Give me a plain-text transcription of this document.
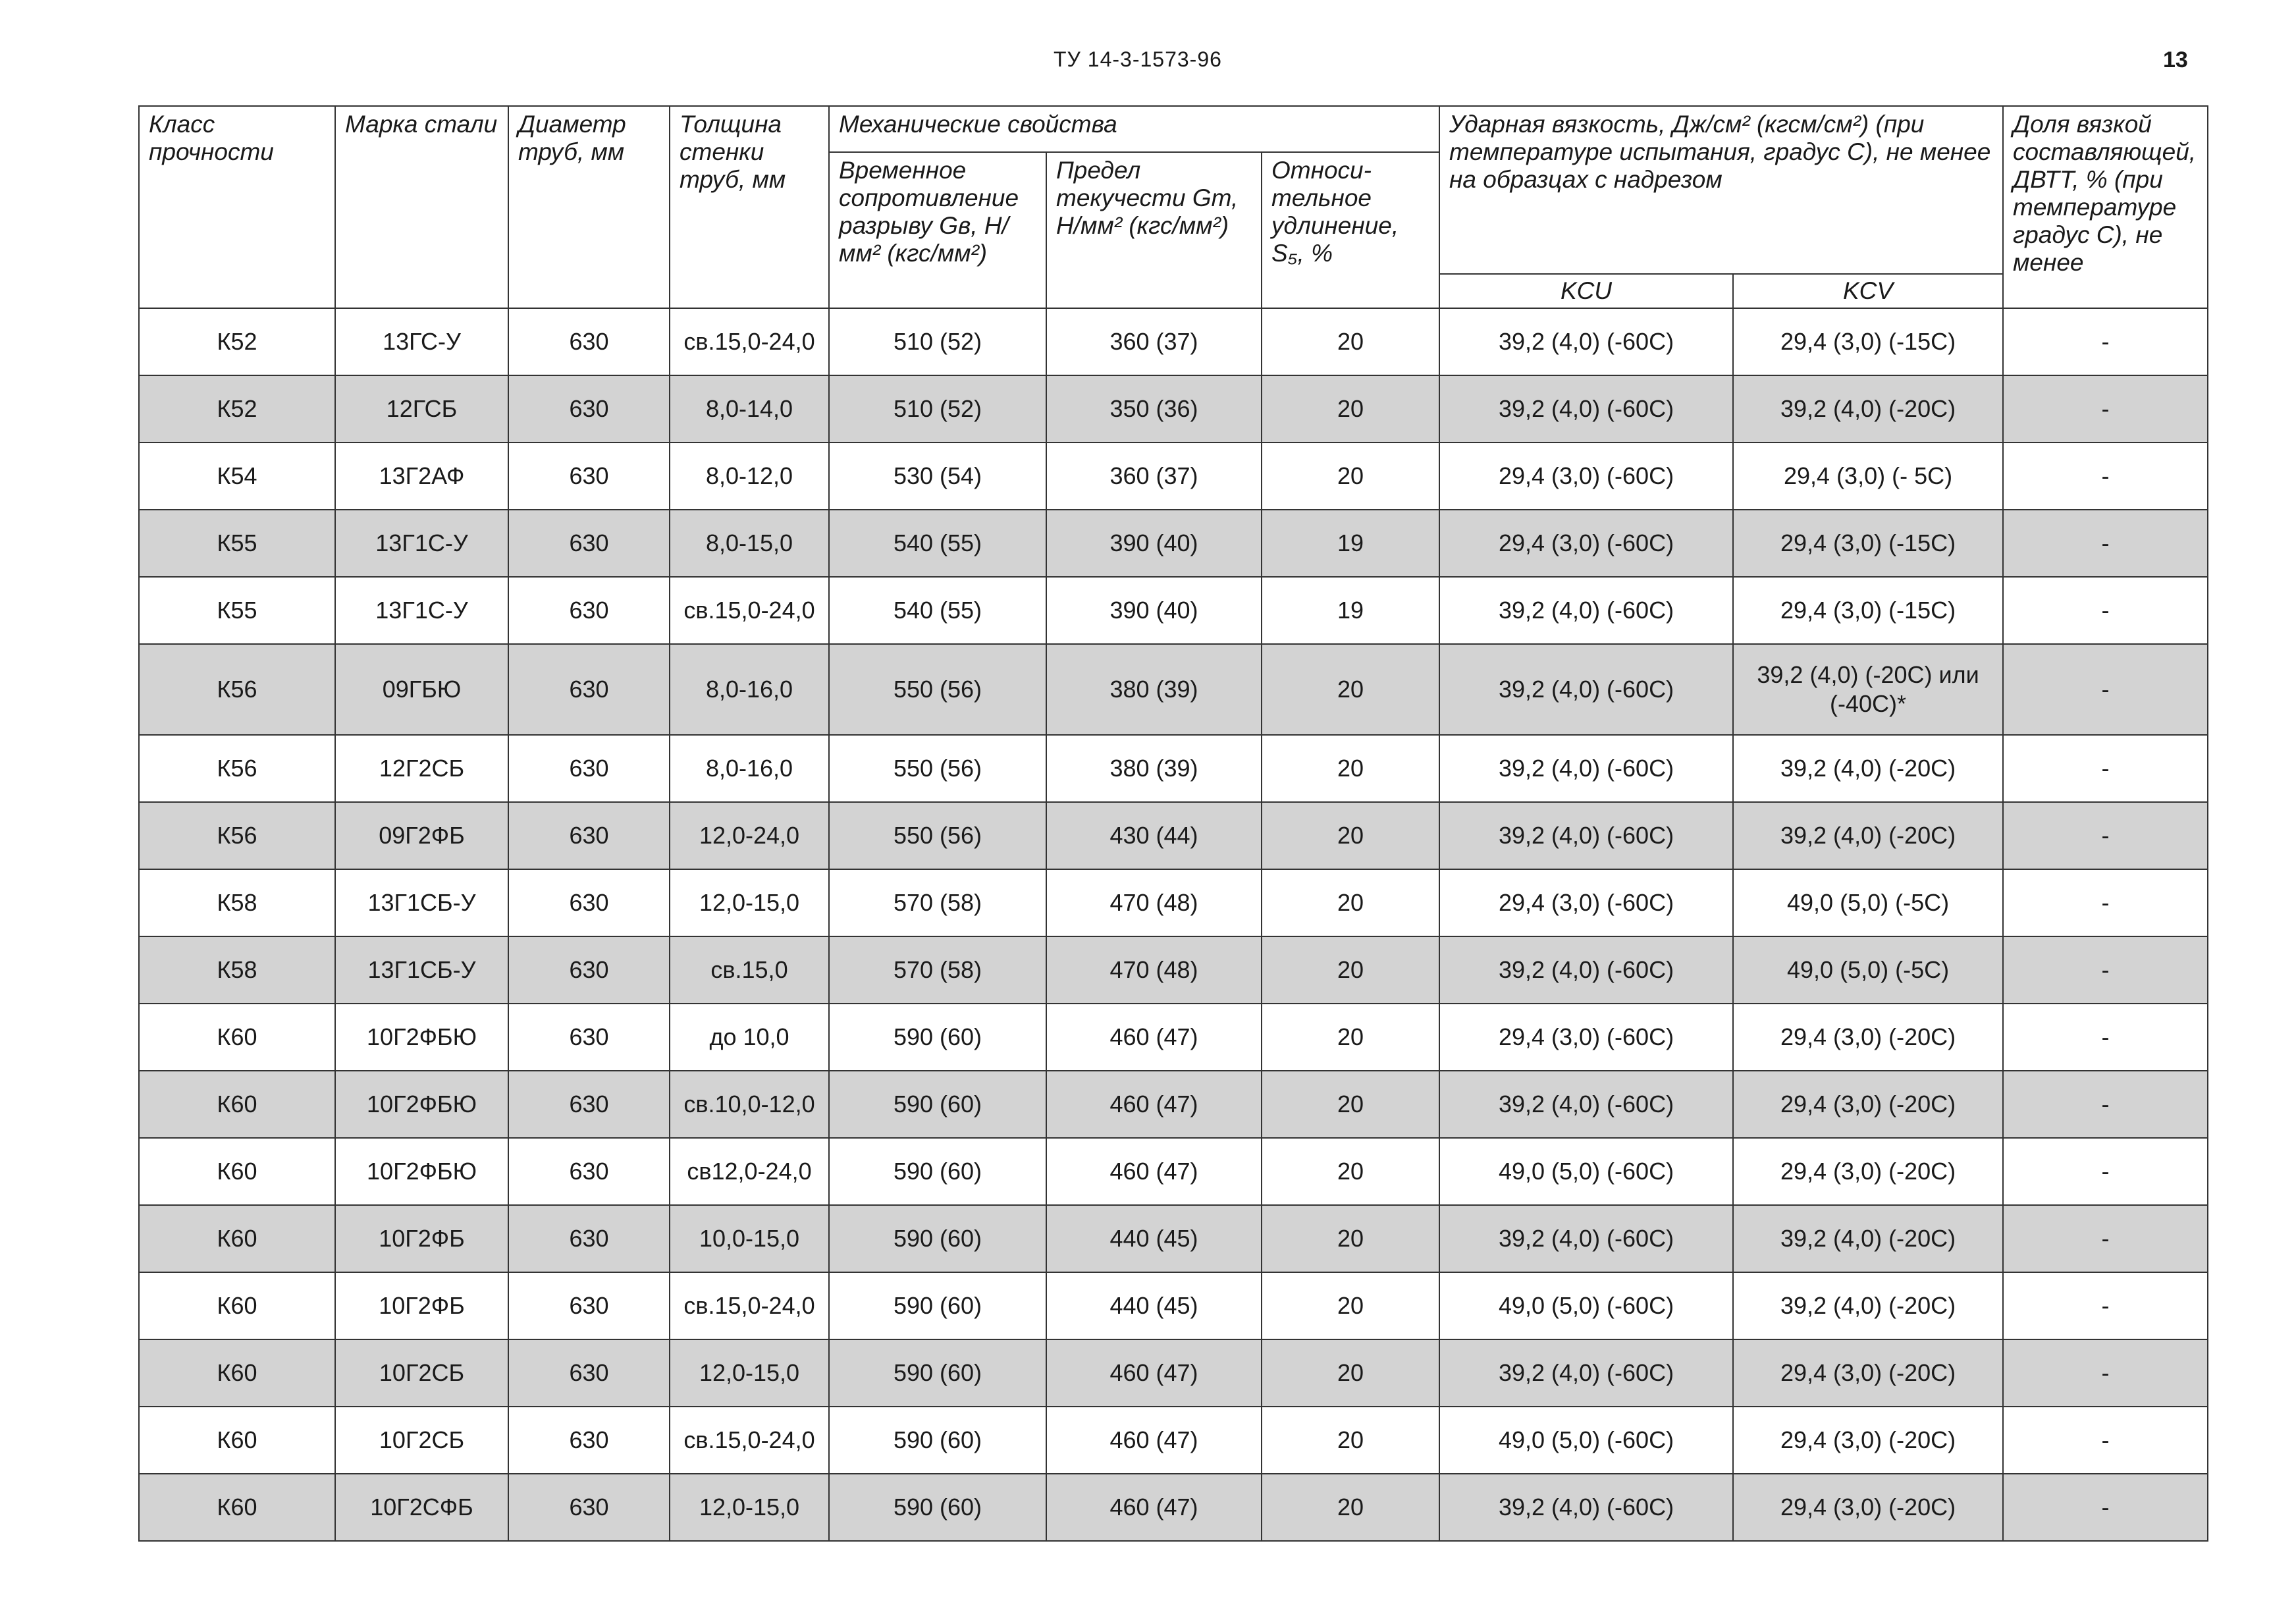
ТУ 14-3-1573-96	13
Класс прочности	Марка стали	Диаметр труб, мм	Толщина стенки труб, мм	Механические свойства			Ударная вязкость, Дж/см² (кгсм/см²) (при температуре испытания, градус С), не менее на образцах с надрезом		Доля вязкой составляющей, ДВТТ, % (при температуре градус С), не менее
				Временное сопротивление разрыву Gв, Н/мм² (кгс/мм²)	Предел текучести Gт, Н/мм² (кгс/мм²)	Относи-тельное удлинение, S₅, %			
							KCU	KCV	
К52	13ГС-У	630	св.15,0-24,0	510 (52)	360 (37)	20	39,2 (4,0) (-60С)	29,4 (3,0) (-15С)	-
К52	12ГСБ	630	8,0-14,0	510 (52)	350 (36)	20	39,2 (4,0) (-60С)	39,2 (4,0) (-20С)	-
К54	13Г2АФ	630	8,0-12,0	530 (54)	360 (37)	20	29,4 (3,0) (-60С)	29,4 (3,0) (- 5С)	-
К55	13Г1С-У	630	8,0-15,0	540 (55)	390 (40)	19	29,4 (3,0) (-60С)	29,4 (3,0) (-15С)	-
К55	13Г1С-У	630	св.15,0-24,0	540 (55)	390 (40)	19	39,2 (4,0) (-60С)	29,4 (3,0) (-15С)	-
К56	09ГБЮ	630	8,0-16,0	550 (56)	380 (39)	20	39,2 (4,0) (-60С)	39,2 (4,0) (-20С) или (-40С)*	-
К56	12Г2СБ	630	8,0-16,0	550 (56)	380 (39)	20	39,2 (4,0) (-60С)	39,2 (4,0) (-20С)	-
К56	09Г2ФБ	630	12,0-24,0	550 (56)	430 (44)	20	39,2 (4,0) (-60С)	39,2 (4,0) (-20С)	-
К58	13Г1СБ-У	630	12,0-15,0	570 (58)	470 (48)	20	29,4 (3,0) (-60С)	49,0 (5,0) (-5С)	-
К58	13Г1СБ-У	630	св.15,0	570 (58)	470 (48)	20	39,2 (4,0) (-60С)	49,0 (5,0) (-5С)	-
К60	10Г2ФБЮ	630	до 10,0	590 (60)	460 (47)	20	29,4 (3,0) (-60С)	29,4 (3,0) (-20С)	-
К60	10Г2ФБЮ	630	св.10,0-12,0	590 (60)	460 (47)	20	39,2 (4,0) (-60С)	29,4 (3,0) (-20С)	-
К60	10Г2ФБЮ	630	св12,0-24,0	590 (60)	460 (47)	20	49,0 (5,0) (-60С)	29,4 (3,0) (-20С)	-
К60	10Г2ФБ	630	10,0-15,0	590 (60)	440 (45)	20	39,2 (4,0) (-60С)	39,2 (4,0) (-20С)	-
К60	10Г2ФБ	630	св.15,0-24,0	590 (60)	440 (45)	20	49,0 (5,0) (-60С)	39,2 (4,0) (-20С)	-
К60	10Г2СБ	630	12,0-15,0	590 (60)	460 (47)	20	39,2 (4,0) (-60С)	29,4 (3,0) (-20С)	-
К60	10Г2СБ	630	св.15,0-24,0	590 (60)	460 (47)	20	49,0 (5,0) (-60С)	29,4 (3,0) (-20С)	-
К60	10Г2СФБ	630	12,0-15,0	590 (60)	460 (47)	20	39,2 (4,0) (-60С)	29,4 (3,0) (-20С)	-
